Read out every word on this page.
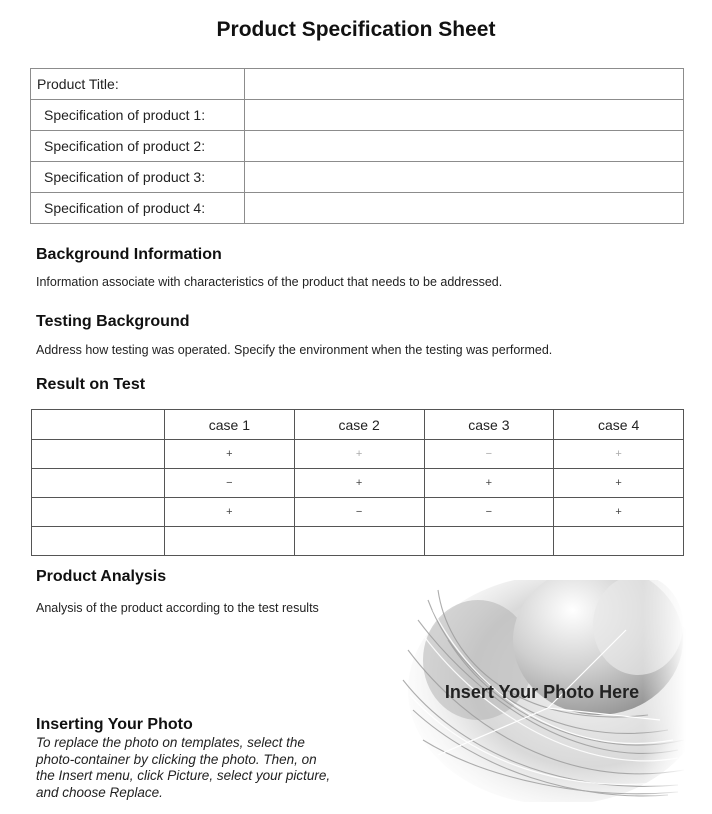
Product Specification Sheet
Product Title:	
Specification of product 1:	
Specification of product 2:	
Specification of product 3:	
Specification of product 4:	
Background Information
Information associate with characteristics of the product that needs to be addressed.
Testing Background
Address how testing was operated. Specify the environment when the testing was performed.
Result on Test
	case 1	case 2	case 3	case 4
	+	+	−	+
	−	+	+	+
	+	−	−	+

Product Analysis
Analysis of the product according to the test results
Inserting Your Photo
To replace the photo on templates, select the photo-container by clicking the photo. Then, on the Insert menu, click Picture, select your picture, and choose Replace.
Insert Your Photo Here
